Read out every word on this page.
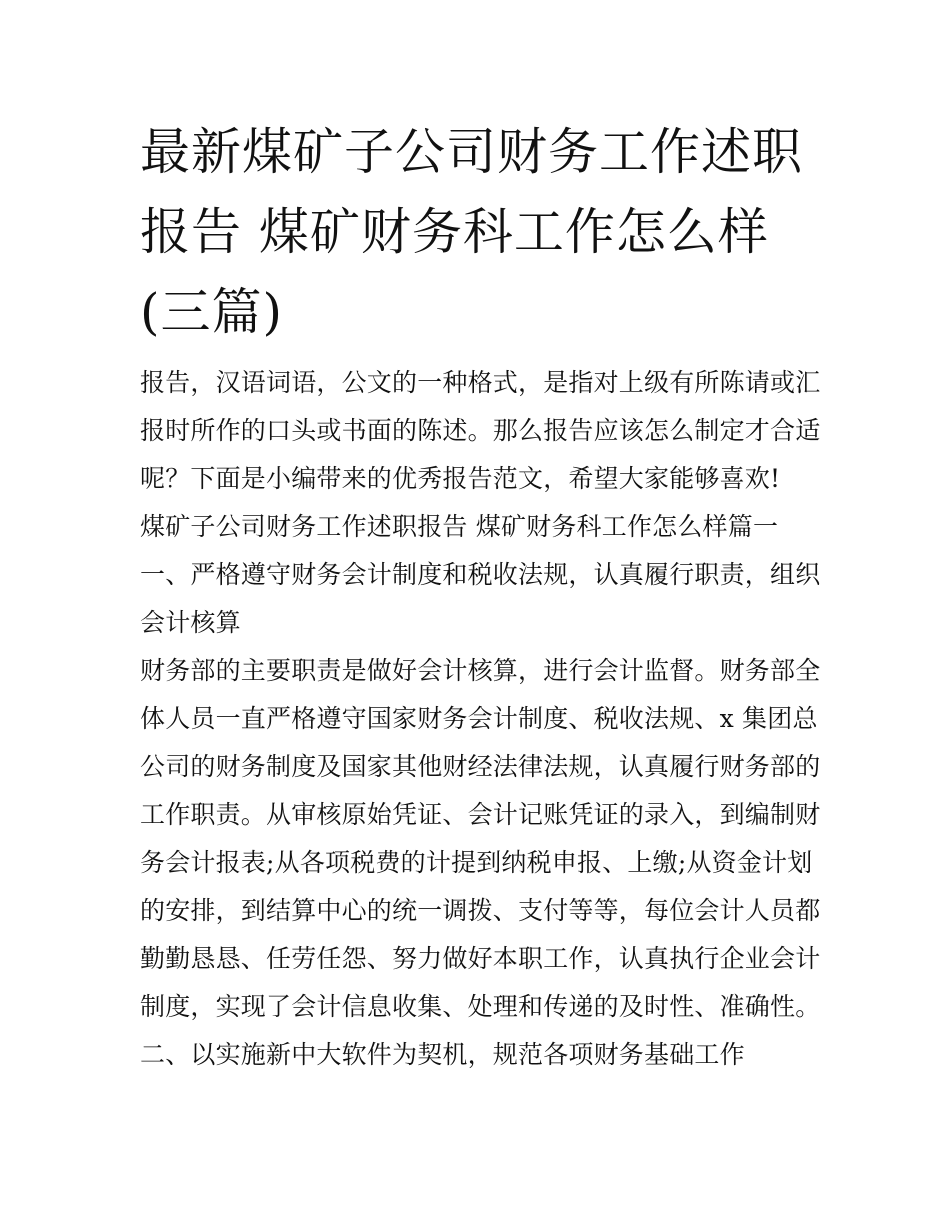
最新煤矿子公司财务工作述职
报告 煤矿财务科工作怎么样
(三篇)
报告，汉语词语，公文的一种格式，是指对上级有所陈请或汇
报时所作的口头或书面的陈述。那么报告应该怎么制定才合适
呢？下面是小编带来的优秀报告范文，希望大家能够喜欢!
煤矿子公司财务工作述职报告 煤矿财务科工作怎么样篇一
一、严格遵守财务会计制度和税收法规，认真履行职责，组织
会计核算
财务部的主要职责是做好会计核算，进行会计监督。财务部全
体人员一直严格遵守国家财务会计制度、税收法规、x 集团总
公司的财务制度及国家其他财经法律法规，认真履行财务部的
工作职责。从审核原始凭证、会计记账凭证的录入，到编制财
务会计报表;从各项税费的计提到纳税申报、上缴;从资金计划
的安排，到结算中心的统一调拨、支付等等，每位会计人员都
勤勤恳恳、任劳任怨、努力做好本职工作，认真执行企业会计
制度，实现了会计信息收集、处理和传递的及时性、准确性。
二、以实施新中大软件为契机，规范各项财务基础工作
